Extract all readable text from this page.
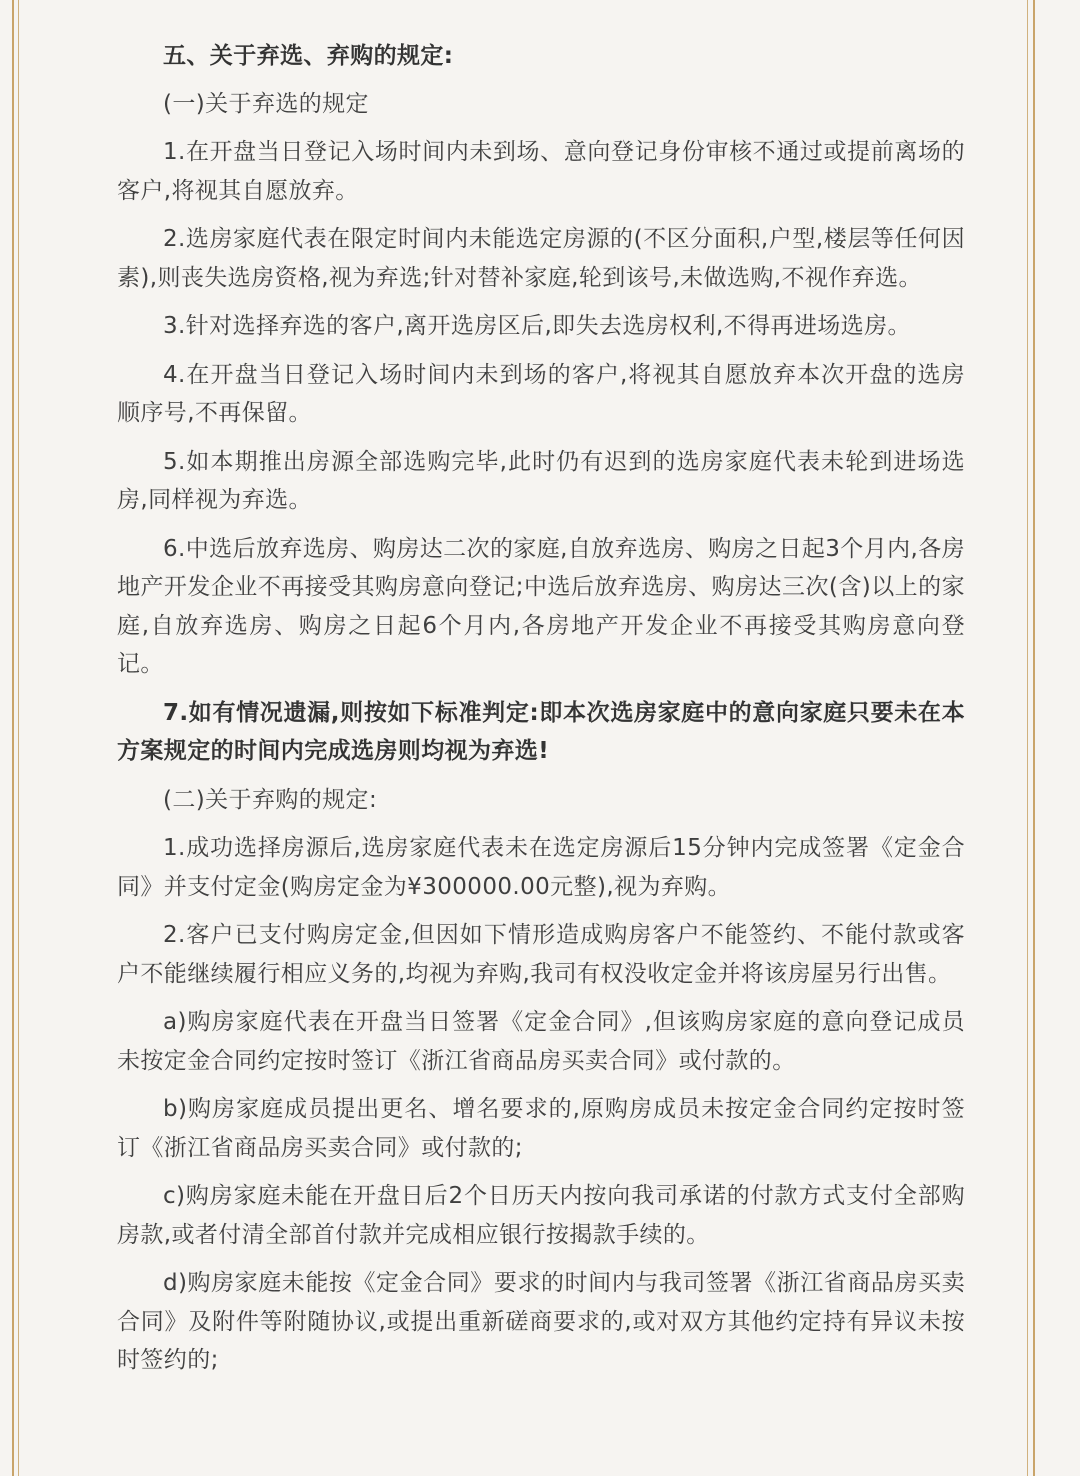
五、关于弃选、弃购的规定:

(一)关于弃选的规定

1.在开盘当日登记入场时间内未到场、意向登记身份审核不通过或提前离场的客户,将视其自愿放弃。

2.选房家庭代表在限定时间内未能选定房源的(不区分面积,户型,楼层等任何因素),则丧失选房资格,视为弃选;针对替补家庭,轮到该号,未做选购,不视作弃选。

3.针对选择弃选的客户,离开选房区后,即失去选房权利,不得再进场选房。

4.在开盘当日登记入场时间内未到场的客户,将视其自愿放弃本次开盘的选房顺序号,不再保留。

5.如本期推出房源全部选购完毕,此时仍有迟到的选房家庭代表未轮到进场选房,同样视为弃选。

6.中选后放弃选房、购房达二次的家庭,自放弃选房、购房之日起3个月内,各房地产开发企业不再接受其购房意向登记;中选后放弃选房、购房达三次(含)以上的家庭,自放弃选房、购房之日起6个月内,各房地产开发企业不再接受其购房意向登记。

7.如有情况遗漏,则按如下标准判定:即本次选房家庭中的意向家庭只要未在本方案规定的时间内完成选房则均视为弃选!

(二)关于弃购的规定:

1.成功选择房源后,选房家庭代表未在选定房源后15分钟内完成签署《定金合同》并支付定金(购房定金为¥300000.00元整),视为弃购。

2.客户已支付购房定金,但因如下情形造成购房客户不能签约、不能付款或客户不能继续履行相应义务的,均视为弃购,我司有权没收定金并将该房屋另行出售。

a)购房家庭代表在开盘当日签署《定金合同》,但该购房家庭的意向登记成员未按定金合同约定按时签订《浙江省商品房买卖合同》或付款的。

b)购房家庭成员提出更名、增名要求的,原购房成员未按定金合同约定按时签订《浙江省商品房买卖合同》或付款的;

c)购房家庭未能在开盘日后2个日历天内按向我司承诺的付款方式支付全部购房款,或者付清全部首付款并完成相应银行按揭款手续的。

d)购房家庭未能按《定金合同》要求的时间内与我司签署《浙江省商品房买卖合同》及附件等附随协议,或提出重新磋商要求的,或对双方其他约定持有异议未按时签约的;
